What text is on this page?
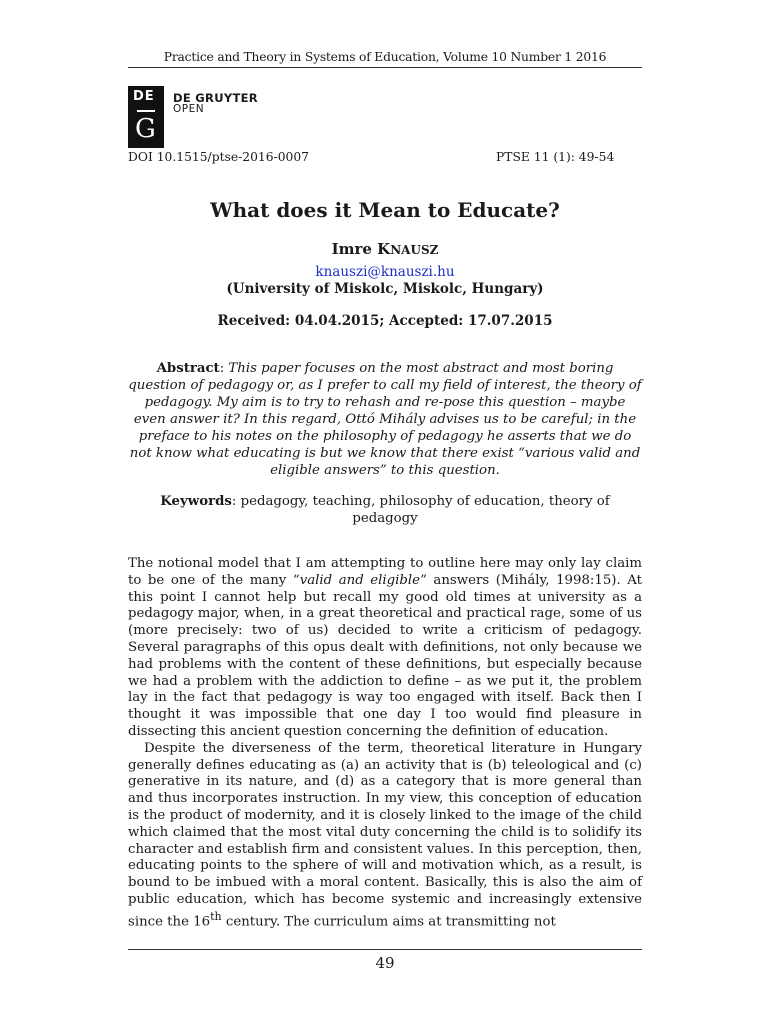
Practice and Theory in Systems of Education, Volume 10 Number 1 2016
DE
G
DE GRUYTER
OPEN
DOI 10.1515/ptse-2016-0007	PTSE 11 (1): 49-54
What does it Mean to Educate?
Imre KNAUSZ
knauszi@knauszi.hu
(University of Miskolc, Miskolc, Hungary)
Received: 04.04.2015; Accepted: 17.07.2015
Abstract: This paper focuses on the most abstract and most boring question of pedagogy or, as I prefer to call my field of interest, the theory of pedagogy. My aim is to try to rehash and re-pose this question – maybe even answer it? In this regard, Ottó Mihály advises us to be careful; in the preface to his notes on the philosophy of pedagogy he asserts that we do not know what educating is but we know that there exist “various valid and eligible answers” to this question.
Keywords: pedagogy, teaching, philosophy of education, theory of pedagogy

The notional model that I am attempting to outline here may only lay claim to be one of the many “valid and eligible” answers (Mihály, 1998:15). At this point I cannot help but recall my good old times at university as a pedagogy major, when, in a great theoretical and practical rage, some of us (more precisely: two of us) decided to write a criticism of pedagogy. Several paragraphs of this opus dealt with definitions, not only because we had problems with the content of these definitions, but especially because we had a problem with the addiction to define – as we put it, the problem lay in the fact that pedagogy is way too engaged with itself. Back then I thought it was impossible that one day I too would find pleasure in dissecting this ancient question concerning the definition of education.

Despite the diverseness of the term, theoretical literature in Hungary generally defines educating as (a) an activity that is (b) teleological and (c) generative in its nature, and (d) as a category that is more general than and thus incorporates instruction. In my view, this conception of education is the product of modernity, and it is closely linked to the image of the child which claimed that the most vital duty concerning the child is to solidify its character and establish firm and consistent values. In this perception, then, educating points to the sphere of will and motivation which, as a result, is bound to be imbued with a moral content. Basically, this is also the aim of public education, which has become systemic and increasingly extensive since the 16th century. The curriculum aims at transmitting not

49
